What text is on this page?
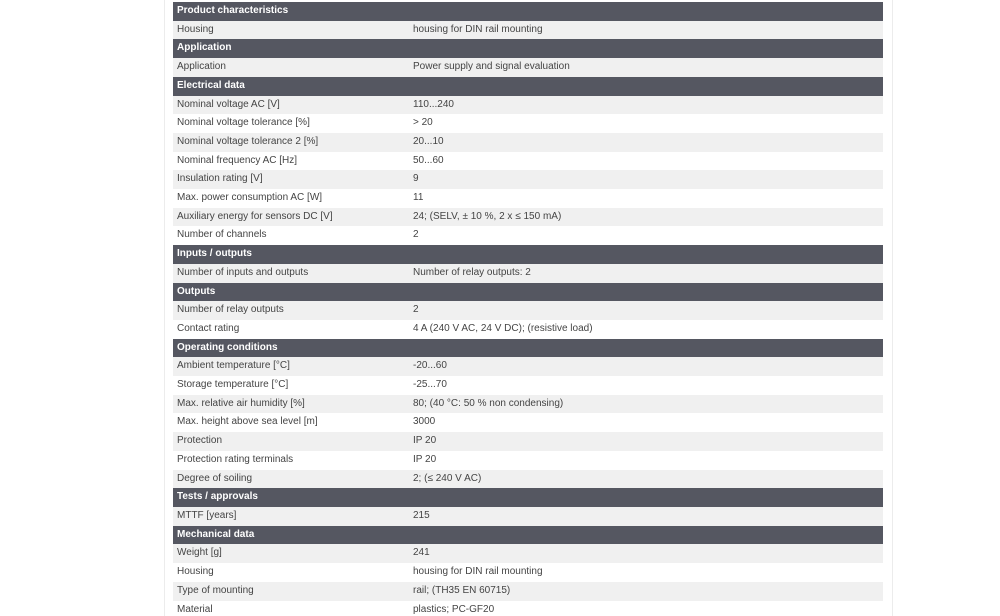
Product characteristics	
Housing	housing for DIN rail mounting
Application	
Application	Power supply and signal evaluation
Electrical data	
Nominal voltage AC [V]	110...240
Nominal voltage tolerance [%]	> 20
Nominal voltage tolerance 2 [%]	20...10
Nominal frequency AC [Hz]	50...60
Insulation rating [V]	9
Max. power consumption AC [W]	11
Auxiliary energy for sensors DC [V]	24; (SELV, ± 10 %, 2 x ≤ 150 mA)
Number of channels	2
Inputs / outputs	
Number of inputs and outputs	Number of relay outputs: 2
Outputs	
Number of relay outputs	2
Contact rating	4 A (240 V AC, 24 V DC); (resistive load)
Operating conditions	
Ambient temperature [°C]	-20...60
Storage temperature [°C]	-25...70
Max. relative air humidity [%]	80; (40 °C: 50 % non condensing)
Max. height above sea level [m]	3000
Protection	IP 20
Protection rating terminals	IP 20
Degree of soiling	2; (≤ 240 V AC)
Tests / approvals	
MTTF [years]	215
Mechanical data	
Weight [g]	241
Housing	housing for DIN rail mounting
Type of mounting	rail; (TH35 EN 60715)
Material	plastics; PC-GF20
